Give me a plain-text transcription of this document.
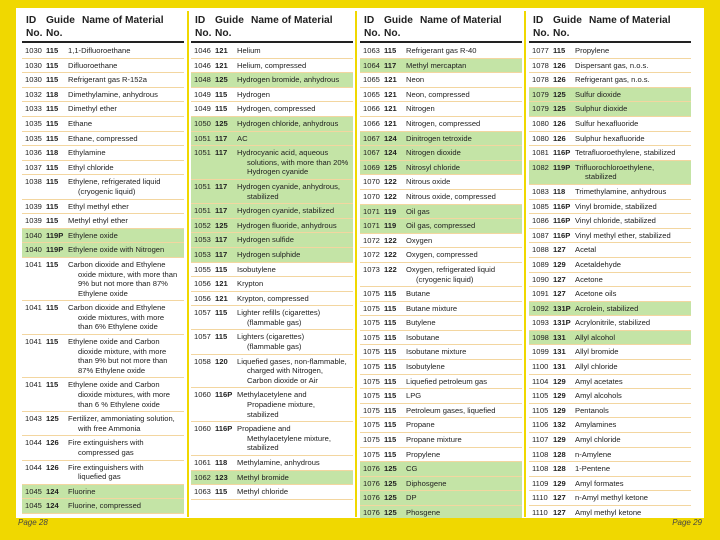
ID Guide Name of Material
No. No.
1030 115	1,1-Difluoroethane
1030 115	Difluoroethane
1030 115	Refrigerant gas R-152a
1032 118	Dimethylamine, anhydrous
1033 115	Dimethyl ether
1035 115	Ethane
1035 115	Ethane, compressed
1036 118	Ethylamine
1037 115	Ethyl chloride
1038 115	Ethylene, refrigerated liquid
(cryogenic liquid)
1039 115	Ethyl methyl ether
1039 115	Methyl ethyl ether
1040 119P Ethylene oxide
1040 119P Ethylene oxide with Nitrogen
1041 115	Carbon dioxide and Ethylene
oxide mixture, with more than
9% but not more than 87%
Ethylene oxide
1041 115	Carbon dioxide and Ethylene
oxide mixtures, with more
than 6% Ethylene oxide
1041 115	Ethylene oxide and Carbon
dioxide mixture, with more
than 9% but not more than
87% Ethylene oxide
1041 115	Ethylene oxide and Carbon
dioxide mixtures, with more
than 6 % Ethylene oxide
1043 125	Fertilizer, ammoniating solution,
with free Ammonia
1044 126	Fire extinguishers with
compressed gas
1044 126	Fire extinguishers with
liquefied gas
1045 124	Fluorine
1045 124	Fluorine, compressed
ID Guide Name of Material
No. No.
1046 121	Helium
1046 121	Helium, compressed
1048 125	Hydrogen bromide, anhydrous
1049 115	Hydrogen
1049 115	Hydrogen, compressed
1050 125	Hydrogen chloride, anhydrous
1051 117	AC
1051 117	Hydrocyanic acid, aqueous
solutions, with more than 20%
Hydrogen cyanide
1051 117	Hydrogen cyanide, anhydrous,
stabilized
1051 117	Hydrogen cyanide, stabilized
1052 125	Hydrogen fluoride, anhydrous
1053 117	Hydrogen sulfide
1053 117	Hydrogen sulphide
1055 115	Isobutylene
1056 121	Krypton
1056 121	Krypton, compressed
1057 115	Lighter refills (cigarettes)
(flammable gas)
1057 115	Lighters (cigarettes)
(flammable gas)
1058 120	Liquefied gases, non-flammable,
charged with Nitrogen,
Carbon dioxide or Air
1060 116P Methylacetylene and
Propadiene mixture,
stabilized
1060 116P Propadiene and
Methylacetylene mixture,
stabilized
1061 118	Methylamine, anhydrous
1062 123	Methyl bromide
1063 115	Methyl chloride
ID Guide Name of Material
No. No.
1063 115	Refrigerant gas R-40
1064 117	Methyl mercaptan
1065 121	Neon
1065 121	Neon, compressed
1066 121	Nitrogen
1066 121	Nitrogen, compressed
1067 124	Dinitrogen tetroxide
1067 124	Nitrogen dioxide
1069 125	Nitrosyl chloride
1070 122	Nitrous oxide
1070 122	Nitrous oxide, compressed
1071 119	Oil gas
1071 119	Oil gas, compressed
1072 122	Oxygen
1072 122	Oxygen, compressed
1073 122	Oxygen, refrigerated liquid
(cryogenic liquid)
1075 115	Butane
1075 115	Butane mixture
1075 115	Butylene
1075 115	Isobutane
1075 115	Isobutane mixture
1075 115	Isobutylene
1075 115	Liquefied petroleum gas
1075 115	LPG
1075 115	Petroleum gases, liquefied
1075 115	Propane
1075 115	Propane mixture
1075 115	Propylene
1076 125	CG
1076 125	Diphosgene
1076 125	DP
1076 125	Phosgene
ID Guide Name of Material
No. No.
1077 115	Propylene
1078 126	Dispersant gas, n.o.s.
1078 126	Refrigerant gas, n.o.s.
1079 125	Sulfur dioxide
1079 125	Sulphur dioxide
1080 126	Sulfur hexafluoride
1080 126	Sulphur hexafluoride
1081 116P Tetrafluoroethylene, stabilized
1082 119P Trifluorochloroethylene,
stabilized
1083 118	Trimethylamine, anhydrous
1085 116P Vinyl bromide, stabilized
1086 116P Vinyl chloride, stabilized
1087 116P Vinyl methyl ether, stabilized
1088 127	Acetal
1089 129	Acetaldehyde
1090 127	Acetone
1091 127	Acetone oils
1092 131P Acrolein, stabilized
1093 131P Acrylonitrile, stabilized
1098 131	Allyl alcohol
1099 131	Allyl bromide
1100 131	Allyl chloride
1104 129	Amyl acetates
1105 129	Amyl alcohols
1105 129	Pentanols
1106 132	Amylamines
1107 129	Amyl chloride
1108 128	n-Amylene
1108 128	1-Pentene
1109 129	Amyl formates
1110 127	n-Amyl methyl ketone
1110 127	Amyl methyl ketone
Page 28	Page 29
